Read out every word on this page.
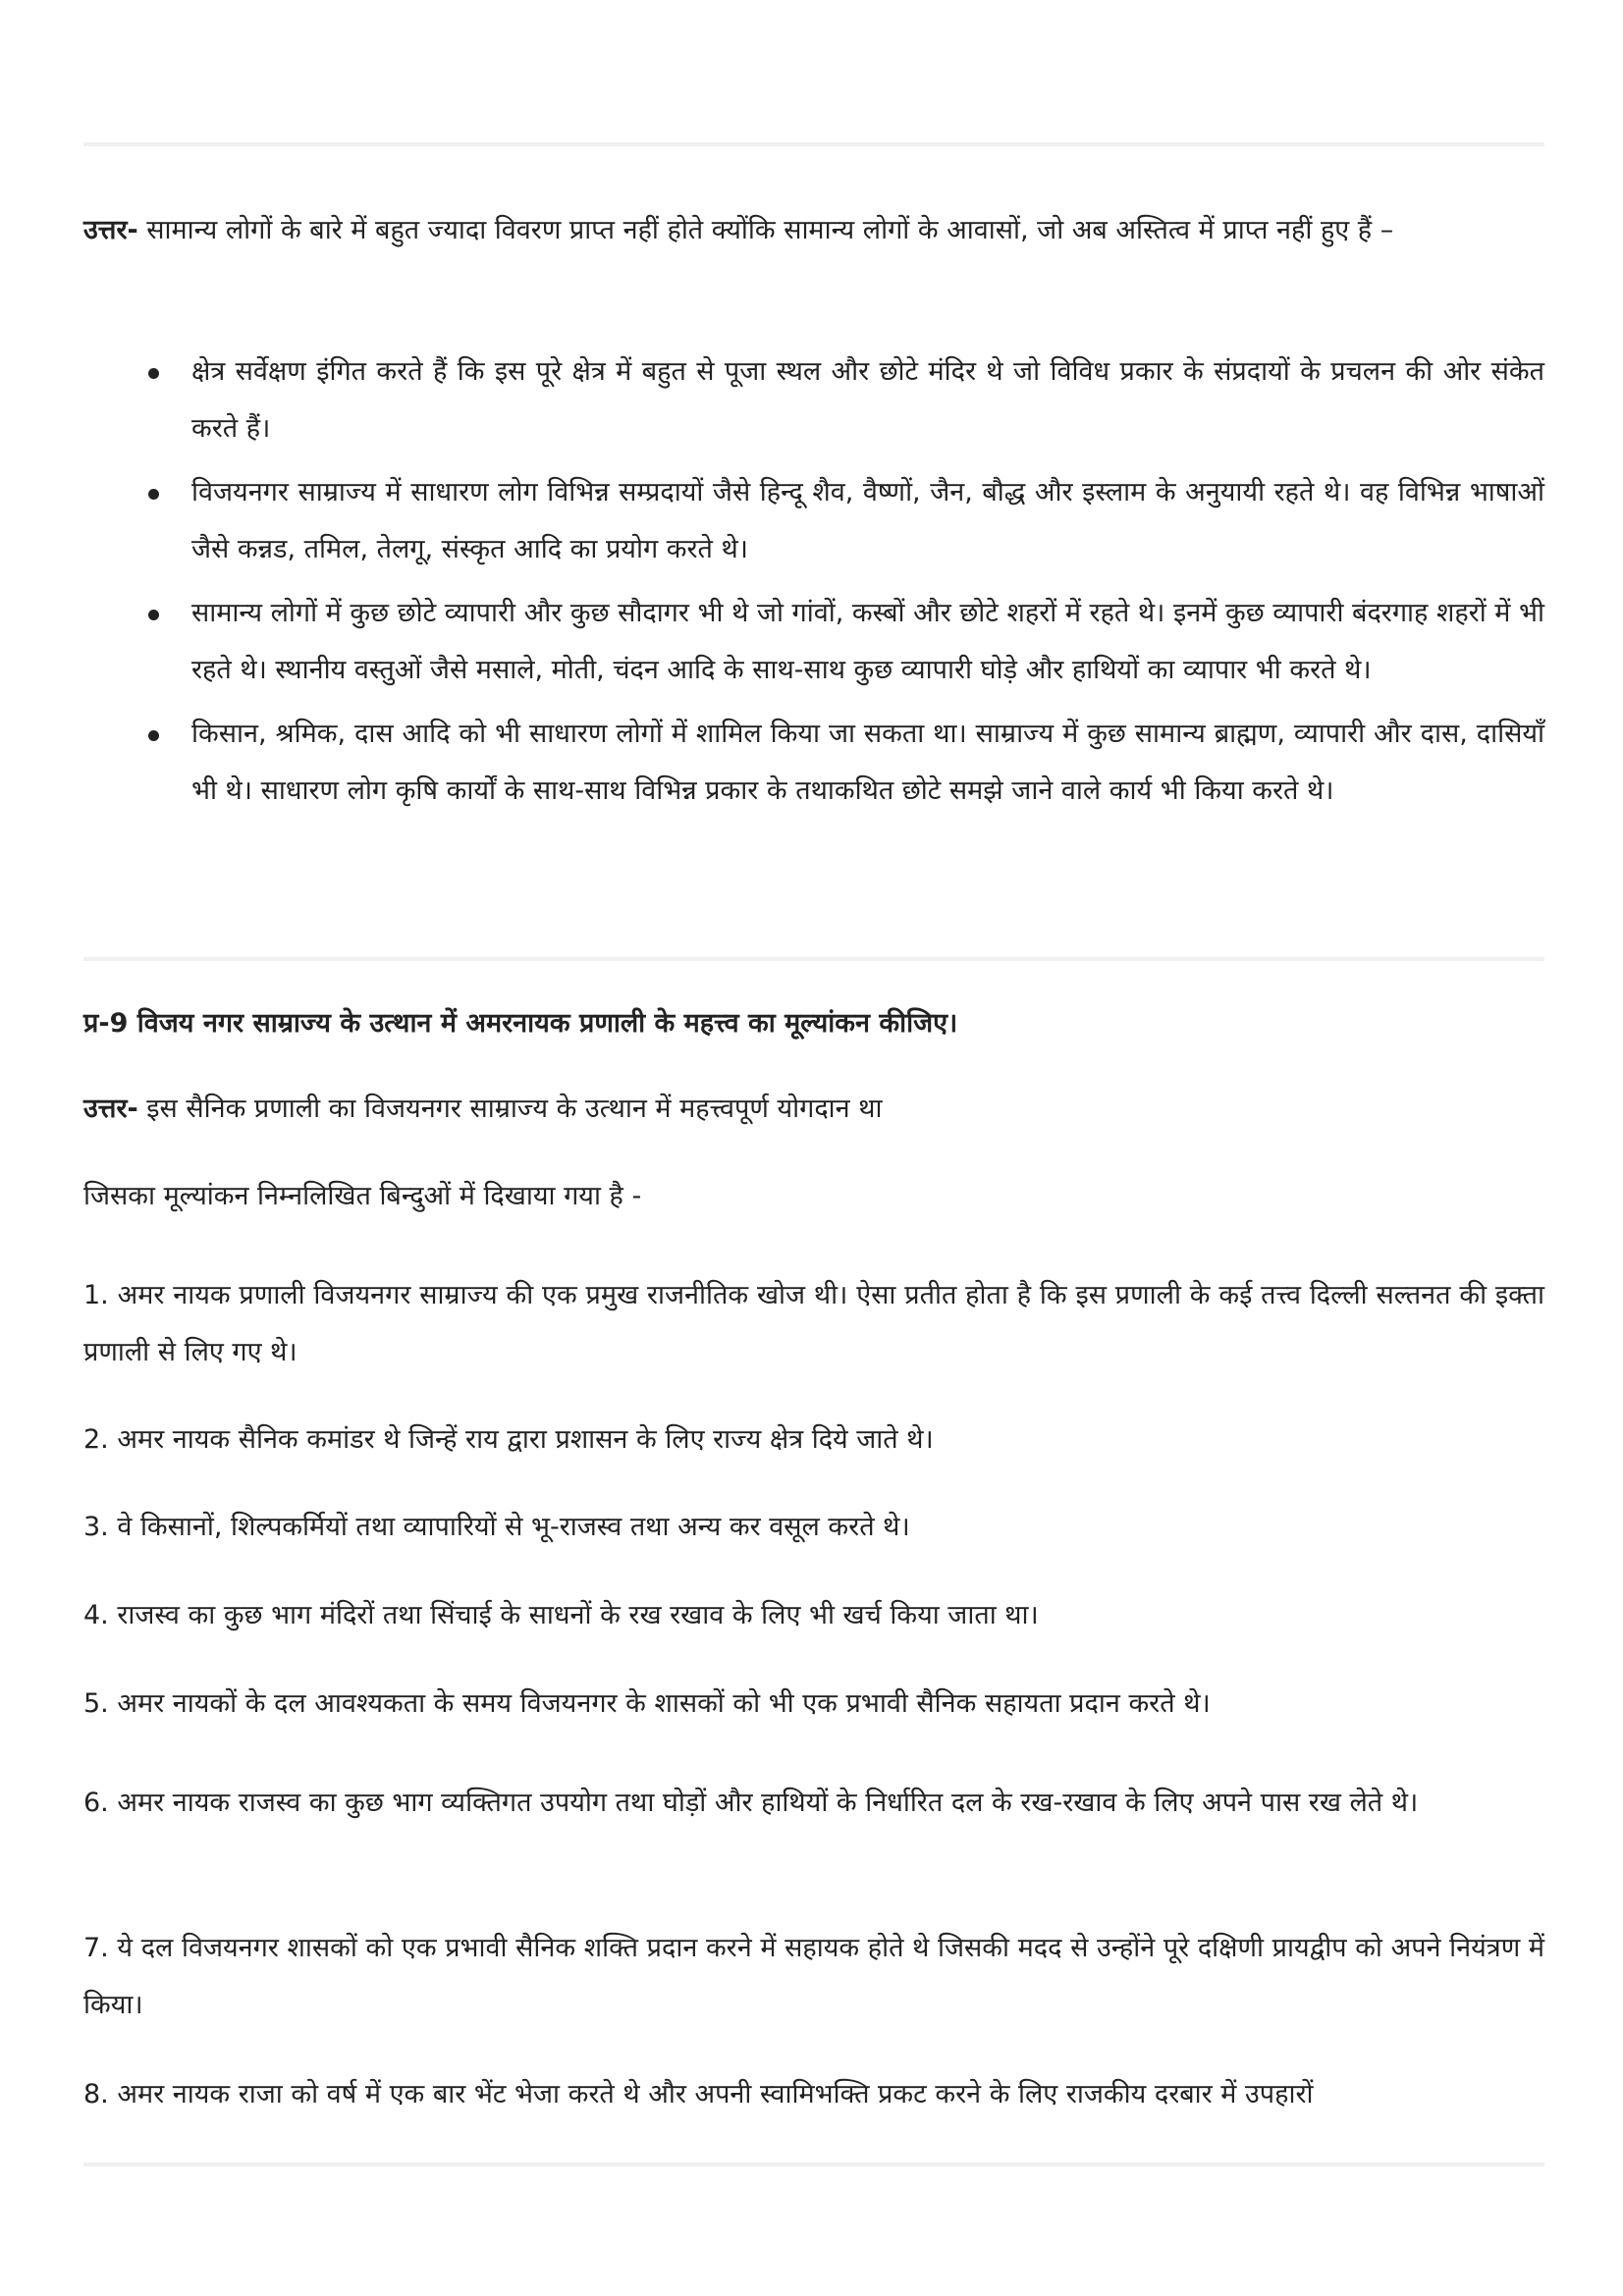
उत्तर- सामान्य लोगों के बारे में बहुत ज्यादा विवरण प्राप्त नहीं होते क्योंकि सामान्य लोगों के आवासों, जो अब अस्तित्व में प्राप्त नहीं हुए हैं –
क्षेत्र सर्वेक्षण इंगित करते हैं कि इस पूरे क्षेत्र में बहुत से पूजा स्थल और छोटे मंदिर थे जो विविध प्रकार के संप्रदायों के प्रचलन की ओर संकेत करते हैं।
विजयनगर साम्राज्य में साधारण लोग विभिन्न सम्प्रदायों जैसे हिन्दू शैव, वैष्णों, जैन, बौद्ध और इस्लाम के अनुयायी रहते थे। वह विभिन्न भाषाओं जैसे कन्नड, तमिल, तेलगू, संस्कृत आदि का प्रयोग करते थे।
सामान्य लोगों में कुछ छोटे व्यापारी और कुछ सौदागर भी थे जो गांवों, कस्बों और छोटे शहरों में रहते थे। इनमें कुछ व्यापारी बंदरगाह शहरों में भी रहते थे। स्थानीय वस्तुओं जैसे मसाले, मोती, चंदन आदि के साथ-साथ कुछ व्यापारी घोड़े और हाथियों का व्यापार भी करते थे।
किसान, श्रमिक, दास आदि को भी साधारण लोगों में शामिल किया जा सकता था। साम्राज्य में कुछ सामान्य ब्राह्मण, व्यापारी और दास, दासियाँ भी थे। साधारण लोग कृषि कार्यों के साथ-साथ विभिन्न प्रकार के तथाकथित छोटे समझे जाने वाले कार्य भी किया करते थे।
प्र-9 विजय नगर साम्राज्य के उत्थान में अमरनायक प्रणाली के महत्त्व का मूल्यांकन कीजिए।
उत्तर- इस सैनिक प्रणाली का विजयनगर साम्राज्य के उत्थान में महत्त्वपूर्ण योगदान था
जिसका मूल्यांकन निम्नलिखित बिन्दुओं में दिखाया गया है -
1. अमर नायक प्रणाली विजयनगर साम्राज्य की एक प्रमुख राजनीतिक खोज थी। ऐसा प्रतीत होता है कि इस प्रणाली के कई तत्त्व दिल्ली सल्तनत की इक्ता प्रणाली से लिए गए थे।
2. अमर नायक सैनिक कमांडर थे जिन्हें राय द्वारा प्रशासन के लिए राज्य क्षेत्र दिये जाते थे।
3. वे किसानों, शिल्पकर्मियों तथा व्यापारियों से भू-राजस्व तथा अन्य कर वसूल करते थे।
4. राजस्व का कुछ भाग मंदिरों तथा सिंचाई के साधनों के रख रखाव के लिए भी खर्च किया जाता था।
5. अमर नायकों के दल आवश्यकता के समय विजयनगर के शासकों को भी एक प्रभावी सैनिक सहायता प्रदान करते थे।
6. अमर नायक राजस्व का कुछ भाग व्यक्तिगत उपयोग तथा घोड़ों और हाथियों के निर्धारित दल के रख-रखाव के लिए अपने पास रख लेते थे।
7. ये दल विजयनगर शासकों को एक प्रभावी सैनिक शक्ति प्रदान करने में सहायक होते थे जिसकी मदद से उन्होंने पूरे दक्षिणी प्रायद्वीप को अपने नियंत्रण में किया।
8. अमर नायक राजा को वर्ष में एक बार भेंट भेजा करते थे और अपनी स्वामिभक्ति प्रकट करने के लिए राजकीय दरबार में उपहारों
